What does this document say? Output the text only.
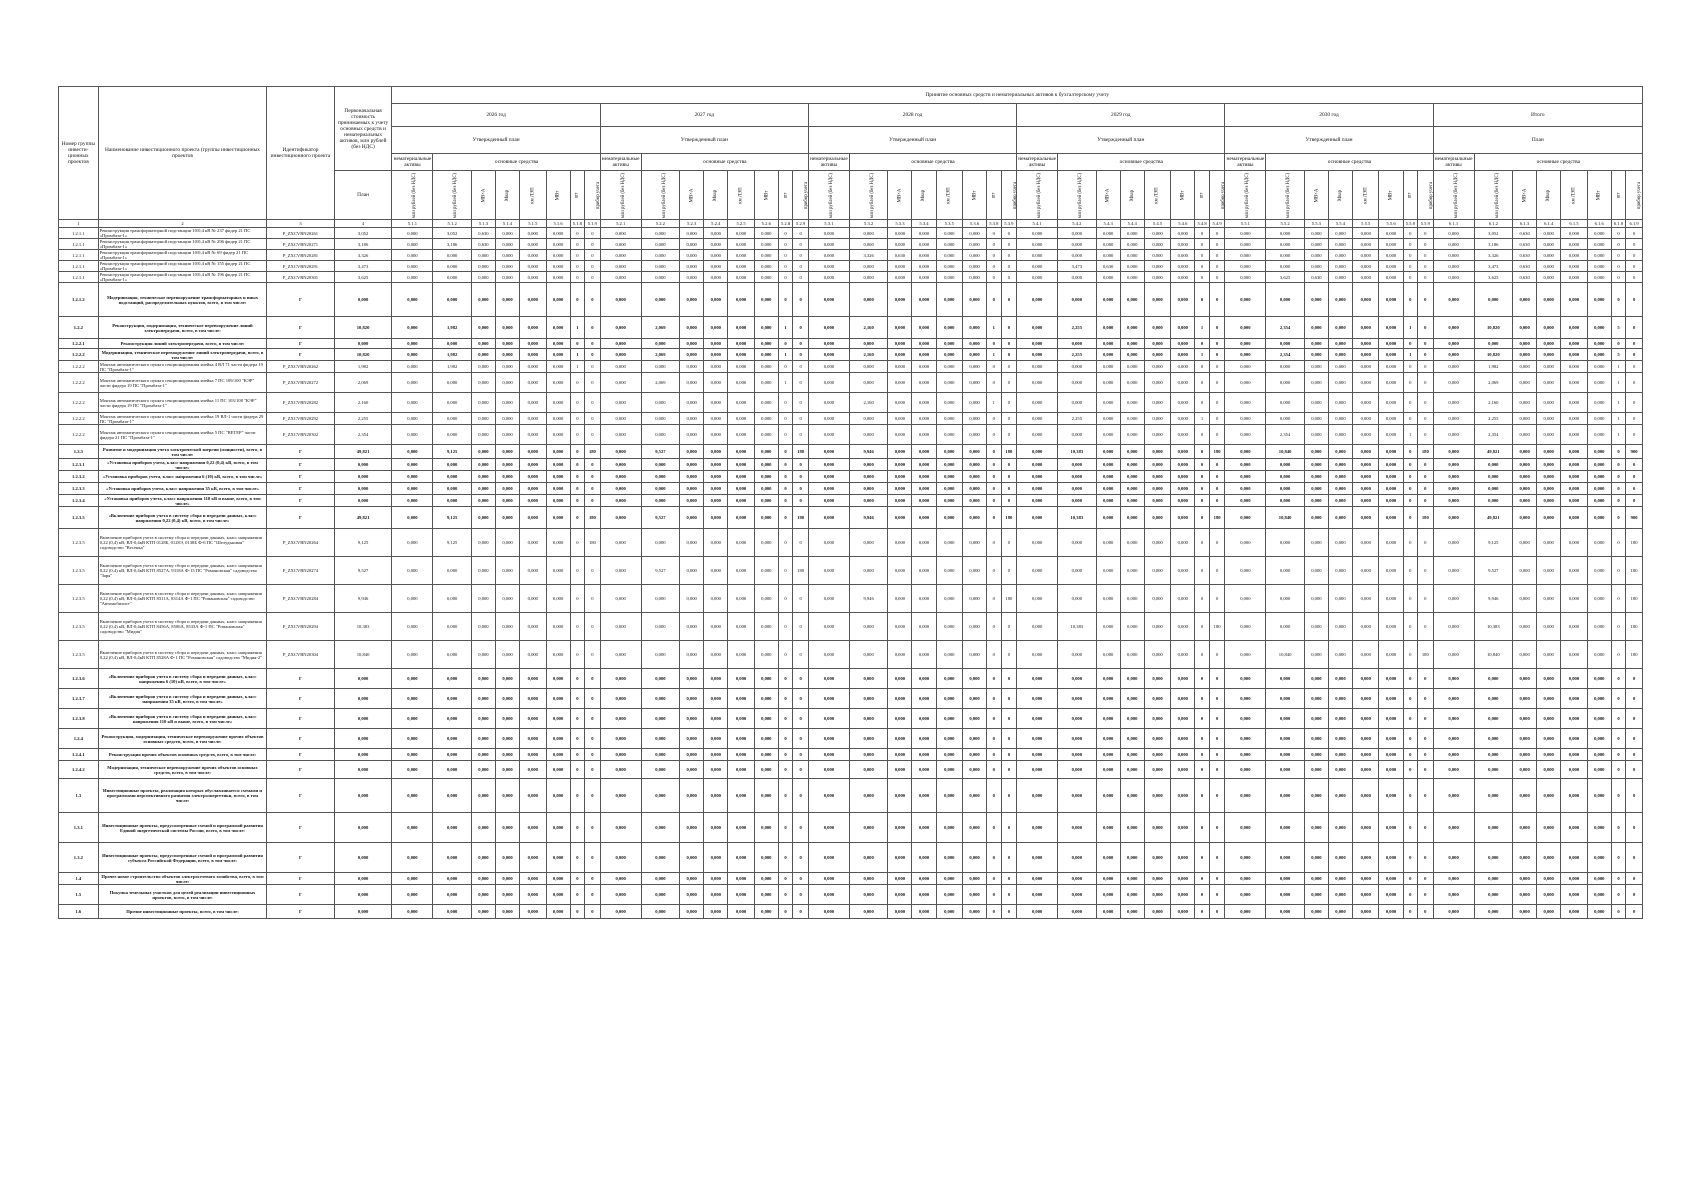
Номер группы инвести-ционных проектов	Наименование инвестиционного проекта (группы инвестиционных проектов	Идентификатор инвестиционного проекта	Первоначальная стоимость принимаемых к учету основных средств и нематериальных активов, млн рублей (без НДС)	Принятие основных средств и нематериальных активов к бухгалтерскому учету																																															
				2026 год								2027 год								2028 год								2029 год								2030 год								Итого							
				Утвержденный план								Утвержденный план								Утвержденный план								Утвержденный план								Утвержденный план								План							
				нематериальные активы	основные средства							нематериальные активы	основные средства							нематериальные активы	основные средства							нематериальные активы	основные средства							нематериальные активы	основные средства							нематериальные активы	основные средства						
			План	млн рублей (без НДС)	млн рублей (без НДС)	МВ×А	Мвар	км ЛЭП	МВт	шт	прибор учета	млн рублей (без НДС)	млн рублей (без НДС)	МВ×А	Мвар	км ЛЭП	МВт	шт	прибор учета	млн рублей (без НДС)	млн рублей (без НДС)	МВ×А	Мвар	км ЛЭП	МВт	шт	прибор учета	млн рублей (без НДС)	млн рублей (без НДС)	МВ×А	Мвар	км ЛЭП	МВт	шт	прибор учета	млн рублей (без НДС)	млн рублей (без НДС)	МВ×А	Мвар	км ЛЭП	МВт	шт	прибор учета	млн рублей (без НДС)	млн рублей (без НДС)	МВ×А	Мвар	км ЛЭП	МВт	шт	прибор учета
1	2	3	4	5.1.1	5.1.2	5.1.3	5.1.4	5.1.5	5.1.6	5.1.8	5.1.9	5.2.1	5.2.2	5.2.3	5.2.4	5.2.5	5.2.6	5.2.8	5.2.9	5.3.1	5.3.2	5.3.3	5.3.4	5.3.5	5.3.6	5.3.8	5.3.9	5.4.1	5.4.2	5.4.3	5.4.4	5.4.5	5.4.6	5.4.8	5.4.9	5.5.1	5.5.2	5.5.3	5.5.4	5.5.5	5.5.6	5.5.8	5.5.9	6.1.1	6.1.2	6.1.3	6.1.4	6.1.5	6.1.6	6.1.8	6.1.9
1.2.1.1	Реконструкция трансформаторной подстанции 10/0,4 кВ № 237 фидер 21 ПС «Промбаза-1»	P_ZXCVBN20261	3,052	0,000	3,052	0,630	0,000	0,000	0,000	0	0	0,000	0,000	0,000	0,000	0,000	0,000	0	0	0,000	0,000	0,000	0,000	0,000	0,000	0	0	0,000	0,000	0,000	0,000	0,000	0,000	0	0	0,000	0,000	0,000	0,000	0,000	0,000	0	0	0,000	3,052	0,630	0,000	0,000	0,000	0	0
1.2.1.1	Реконструкция трансформаторной подстанции 10/0,4 кВ № 296 фидер 21 ПС «Промбаза-1»	P_ZXCVBN20271	3,186	0,000	3,186	0,630	0,000	0,000	0,000	0	0	0,000	0,000	0,000	0,000	0,000	0,000	0	0	0,000	0,000	0,000	0,000	0,000	0,000	0	0	0,000	0,000	0,000	0,000	0,000	0,000	0	0	0,000	0,000	0,000	0,000	0,000	0,000	0	0	0,000	3,186	0,630	0,000	0,000	0,000	0	0
1.2.1.1	Реконструкция трансформаторной подстанции 10/0,4 кВ № 69 фидер 21 ПС «Промбаза-1»	P_ZXCVBN20281	3,326	0,000	0,000	0,000	0,000	0,000	0,000	0	0	0,000	0,000	0,000	0,000	0,000	0,000	0	0	0,000	3,326	0,630	0,000	0,000	0,000	0	0	0,000	0,000	0,000	0,000	0,000	0,000	0	0	0,000	0,000	0,000	0,000	0,000	0,000	0	0	0,000	3,326	0,630	0,000	0,000	0,000	0	0
1.2.1.1	Реконструкция трансформаторной подстанции 10/0,4 кВ № 155 фидер 21 ПС «Промбаза-1»	P_ZXCVBN20291	3,473	0,000	0,000	0,000	0,000	0,000	0,000	0	0	0,000	0,000	0,000	0,000	0,000	0,000	0	0	0,000	0,000	0,000	0,000	0,000	0,000	0	0	0,000	3,473	0,630	0,000	0,000	0,000	0	0	0,000	0,000	0,000	0,000	0,000	0,000	0	0	0,000	3,473	0,630	0,000	0,000	0,000	0	0
1.2.1.1	Реконструкция трансформаторной подстанции 10/0,4 кВ № 196 фидер 21 ПС «Промбаза-1»	P_ZXCVBN20301	3,625	0,000	0,000	0,000	0,000	0,000	0,000	0	0	0,000	0,000	0,000	0,000	0,000	0,000	0	0	0,000	0,000	0,000	0,000	0,000	0,000	0	0	0,000	0,000	0,000	0,000	0,000	0,000	0	0	0,000	3,625	0,630	0,000	0,000	0,000	0	0	0,000	3,625	0,630	0,000	0,000	0,000	0	0
1.2.1.2	Модернизация, техническое перевооружение трансформаторных и иных подстанций, распределительных пунктов, всего, в том числе:	Г	0,000	0,000	0,000	0,000	0,000	0,000	0,000	0	0	0,000	0,000	0,000	0,000	0,000	0,000	0	0	0,000	0,000	0,000	0,000	0,000	0,000	0	0	0,000	0,000	0,000	0,000	0,000	0,000	0	0	0,000	0,000	0,000	0,000	0,000	0,000	0	0	0,000	0,000	0,000	0,000	0,000	0,000	0	0
1.2.2	Реконструкция, модернизация, техническое перевооружение линий электропередачи, всего, в том числе:	Г	10,820	0,000	1,982	0,000	0,000	0,000	0,000	1	0	0,000	2,069	0,000	0,000	0,000	0,000	1	0	0,000	2,160	0,000	0,000	0,000	0,000	1	0	0,000	2,255	0,000	0,000	0,000	0,000	1	0	0,000	2,354	0,000	0,000	0,000	0,000	1	0	0,000	10,820	0,000	0,000	0,000	0,000	5	0
1.2.2.1	Реконструкция линий электропередачи, всего, в том числе:	Г	0,000	0,000	0,000	0,000	0,000	0,000	0,000	0	0	0,000	0,000	0,000	0,000	0,000	0,000	0	0	0,000	0,000	0,000	0,000	0,000	0,000	0	0	0,000	0,000	0,000	0,000	0,000	0,000	0	0	0,000	0,000	0,000	0,000	0,000	0,000	0	0	0,000	0,000	0,000	0,000	0,000	0,000	0	0
1.2.2.2	Модернизация, техническое перевооружение линий электропередачи, всего, в том числе:	Г	10,820	0,000	1,982	0,000	0,000	0,000	0,000	1	0	0,000	2,069	0,000	0,000	0,000	0,000	1	0	0,000	2,160	0,000	0,000	0,000	0,000	1	0	0,000	2,255	0,000	0,000	0,000	0,000	1	0	0,000	2,354	0,000	0,000	0,000	0,000	1	0	0,000	10,820	0,000	0,000	0,000	0,000	5	0
1.2.2.2	Монтаж автоматического пункта секционирования ячейка 4 ВЛ 71 части фидера 19 ПС "Промбаза-1"	P_ZXCVBN20262	1,982	0,000	1,982	0,000	0,000	0,000	0,000	1	0	0,000	0,000	0,000	0,000	0,000	0,000	0	0	0,000	0,000	0,000	0,000	0,000	0,000	0	0	0,000	0,000	0,000	0,000	0,000	0,000	0	0	0,000	0,000	0,000	0,000	0,000	0,000	0	0	0,000	1,982	0,000	0,000	0,000	0,000	1	0
1.2.2.2	Монтаж автоматического пункта секционирования ячейка 7 ПС 109/100 "КЭР" части фидера 19 ПС "Промбаза-1"	P_ZXCVBN20272	2,069	0,000	0,000	0,000	0,000	0,000	0,000	0	0	0,000	2,069	0,000	0,000	0,000	0,000	1	0	0,000	0,000	0,000	0,000	0,000	0,000	0	0	0,000	0,000	0,000	0,000	0,000	0,000	0	0	0,000	0,000	0,000	0,000	0,000	0,000	0	0	0,000	2,069	0,000	0,000	0,000	0,000	1	0
1.2.2.2	Монтаж автоматического пункта секционирования ячейка 11 ПС 103/108 "КЭР" части фидера 19 ПС "Промбаза-1"	P_ZXCVBN20282	2,160	0,000	0,000	0,000	0,000	0,000	0,000	0	0	0,000	0,000	0,000	0,000	0,000	0,000	0	0	0,000	2,160	0,000	0,000	0,000	0,000	1	0	0,000	0,000	0,000	0,000	0,000	0,000	0	0	0,000	0,000	0,000	0,000	0,000	0,000	0	0	0,000	2,160	0,000	0,000	0,000	0,000	1	0
1.2.2.2	Монтаж автоматического пункта секционирования ячейка 19 ВЛ-1 части фидера 29 ПС "Промбаза-1"	P_ZXCVBN20292	2,255	0,000	0,000	0,000	0,000	0,000	0,000	0	0	0,000	0,000	0,000	0,000	0,000	0,000	0	0	0,000	0,000	0,000	0,000	0,000	0,000	0	0	0,000	2,255	0,000	0,000	0,000	0,000	1	0	0,000	0,000	0,000	0,000	0,000	0,000	0	0	0,000	2,255	0,000	0,000	0,000	0,000	1	0
1.2.2.2	Монтаж автоматического пункта секционирования ячейка 5 ПС "ВЕТЕР" части фидера 21 ПС "Промбаза-1"	P_ZXCVBN20302	2,354	0,000	0,000	0,000	0,000	0,000	0,000	0	0	0,000	0,000	0,000	0,000	0,000	0,000	0	0	0,000	0,000	0,000	0,000	0,000	0,000	0	0	0,000	0,000	0,000	0,000	0,000	0,000	0	0	0,000	2,354	0,000	0,000	0,000	0,000	1	0	0,000	2,354	0,000	0,000	0,000	0,000	1	0
1.2.3	Развитие и модернизация учета электрической энергии (мощности), всего, в том числе:	Г	49,821	0,000	9,125	0,000	0,000	0,000	0,000	0	180	0,000	9,527	0,000	0,000	0,000	0,000	0	180	0,000	9,946	0,000	0,000	0,000	0,000	0	180	0,000	10,383	0,000	0,000	0,000	0,000	0	180	0,000	10,840	0,000	0,000	0,000	0,000	0	180	0,000	49,821	0,000	0,000	0,000	0,000	0	900
1.2.3.1	«Установка приборов учета, класс напряжения 0,22 (0,4) кВ, всего, в том числе»	Г	0,000	0,000	0,000	0,000	0,000	0,000	0,000	0	0	0,000	0,000	0,000	0,000	0,000	0,000	0	0	0,000	0,000	0,000	0,000	0,000	0,000	0	0	0,000	0,000	0,000	0,000	0,000	0,000	0	0	0,000	0,000	0,000	0,000	0,000	0,000	0	0	0,000	0,000	0,000	0,000	0,000	0,000	0	0
1.2.3.2	«Установка приборов учета, класс напряжения 6 (10) кВ, всего, в том числе»	Г	0,000	0,000	0,000	0,000	0,000	0,000	0,000	0	0	0,000	0,000	0,000	0,000	0,000	0,000	0	0	0,000	0,000	0,000	0,000	0,000	0,000	0	0	0,000	0,000	0,000	0,000	0,000	0,000	0	0	0,000	0,000	0,000	0,000	0,000	0,000	0	0	0,000	0,000	0,000	0,000	0,000	0,000	0	0
1.2.3.3	«Установка приборов учета, класс напряжения 35 кВ, всего, в том числе»	Г	0,000	0,000	0,000	0,000	0,000	0,000	0,000	0	0	0,000	0,000	0,000	0,000	0,000	0,000	0	0	0,000	0,000	0,000	0,000	0,000	0,000	0	0	0,000	0,000	0,000	0,000	0,000	0,000	0	0	0,000	0,000	0,000	0,000	0,000	0,000	0	0	0,000	0,000	0,000	0,000	0,000	0,000	0	0
1.2.3.4	«Установка приборов учета, класс напряжения 110 кВ и выше, всего, в том числе»	Г	0,000	0,000	0,000	0,000	0,000	0,000	0,000	0	0	0,000	0,000	0,000	0,000	0,000	0,000	0	0	0,000	0,000	0,000	0,000	0,000	0,000	0	0	0,000	0,000	0,000	0,000	0,000	0,000	0	0	0,000	0,000	0,000	0,000	0,000	0,000	0	0	0,000	0,000	0,000	0,000	0,000	0,000	0	0
1.2.3.5	«Включение приборов учета в систему сбора и передачи данных, класс напряжения 0,22 (0,4) кВ, всего, в том числе»	Г	49,821	0,000	9,125	0,000	0,000	0,000	0,000	0	180	0,000	9,527	0,000	0,000	0,000	0,000	0	180	0,000	9,946	0,000	0,000	0,000	0,000	0	180	0,000	10,383	0,000	0,000	0,000	0,000	0	180	0,000	10,840	0,000	0,000	0,000	0,000	0	180	0,000	49,821	0,000	0,000	0,000	0,000	0	900
1.2.3.5	Включение приборов учета в систему сбора и передачи данных, класс напряжения 0,22 (0,4) кВ, ВЛ-0,4кВ КТП 0128Б, 0128Э, 0138Б Ф-6 ПС "Шелудьковая" садоводство "Весенка"	P_ZXCVBN20264	9,125	0,000	9,125	0,000	0,000	0,000	0,000	0	180	0,000	0,000	0,000	0,000	0,000	0,000	0	0	0,000	0,000	0,000	0,000	0,000	0,000	0	0	0,000	0,000	0,000	0,000	0,000	0,000	0	0	0,000	0,000	0,000	0,000	0,000	0,000	0	0	0,000	9,125	0,000	0,000	0,000	0,000	0	180
1.2.3.5	Включение приборов учета в систему сбора и передачи данных, класс напряжения 0,22 (0,4) кВ, ВЛ-0,4кВ КТП 8527А, 9318А Ф-15 ПС "Романовская" садоводство "Заря"	P_ZXCVBN20274	9,527	0,000	0,000	0,000	0,000	0,000	0,000	0	0	0,000	9,527	0,000	0,000	0,000	0,000	0	180	0,000	0,000	0,000	0,000	0,000	0,000	0	0	0,000	0,000	0,000	0,000	0,000	0,000	0	0	0,000	0,000	0,000	0,000	0,000	0,000	0	0	0,000	9,527	0,000	0,000	0,000	0,000	0	180
1.2.3.5	Включение приборов учета в систему сбора и передачи данных, класс напряжения 0,22 (0,4) кВ, ВЛ-0,4кВ КТП 8311А, 8314А Ф-1 ПС "Романовская" садоводство "Автомобилист"	P_ZXCVBN20284	9,946	0,000	0,000	0,000	0,000	0,000	0,000	0	0	0,000	0,000	0,000	0,000	0,000	0,000	0	0	0,000	9,946	0,000	0,000	0,000	0,000	0	180	0,000	0,000	0,000	0,000	0,000	0,000	0	0	0,000	0,000	0,000	0,000	0,000	0,000	0	0	0,000	9,946	0,000	0,000	0,000	0,000	0	180
1.2.3.5	Включение приборов учета в систему сбора и передачи данных, класс напряжения 0,22 (0,4) кВ, ВЛ-0,4кВ КТП 8456А, 8506А, 8533А Ф-1 ПС "Романовская" садоводство "Мидия"	P_ZXCVBN20294	10,383	0,000	0,000	0,000	0,000	0,000	0,000	0	0	0,000	0,000	0,000	0,000	0,000	0,000	0	0	0,000	0,000	0,000	0,000	0,000	0,000	0	0	0,000	10,383	0,000	0,000	0,000	0,000	0	180	0,000	0,000	0,000	0,000	0,000	0,000	0	0	0,000	10,383	0,000	0,000	0,000	0,000	0	180
1.2.3.5	Включение приборов учета в систему сбора и передачи данных, класс напряжения 0,22 (0,4) кВ, ВЛ-0,4кВ КТП 8528А Ф-1 ПС "Романовская" садоводство "Мидия-2"	P_ZXCVBN20304	10,840	0,000	0,000	0,000	0,000	0,000	0,000	0	0	0,000	0,000	0,000	0,000	0,000	0,000	0	0	0,000	0,000	0,000	0,000	0,000	0,000	0	0	0,000	0,000	0,000	0,000	0,000	0,000	0	0	0,000	10,840	0,000	0,000	0,000	0,000	0	180	0,000	10,840	0,000	0,000	0,000	0,000	0	180
1.2.3.6	«Включение приборов учета в систему сбора и передачи данных, класс напряжения 6 (10) кВ, всего, в том числе»	Г	0,000	0,000	0,000	0,000	0,000	0,000	0,000	0	0	0,000	0,000	0,000	0,000	0,000	0,000	0	0	0,000	0,000	0,000	0,000	0,000	0,000	0	0	0,000	0,000	0,000	0,000	0,000	0,000	0	0	0,000	0,000	0,000	0,000	0,000	0,000	0	0	0,000	0,000	0,000	0,000	0,000	0,000	0	0
1.2.3.7	«Включение приборов учета в систему сбора и передачи данных, класс напряжения 35 кВ, всего, в том числе»	Г	0,000	0,000	0,000	0,000	0,000	0,000	0,000	0	0	0,000	0,000	0,000	0,000	0,000	0,000	0	0	0,000	0,000	0,000	0,000	0,000	0,000	0	0	0,000	0,000	0,000	0,000	0,000	0,000	0	0	0,000	0,000	0,000	0,000	0,000	0,000	0	0	0,000	0,000	0,000	0,000	0,000	0,000	0	0
1.2.3.8	«Включение приборов учета в систему сбора и передачи данных, класс напряжения 110 кВ и выше, всего, в том числе»	Г	0,000	0,000	0,000	0,000	0,000	0,000	0,000	0	0	0,000	0,000	0,000	0,000	0,000	0,000	0	0	0,000	0,000	0,000	0,000	0,000	0,000	0	0	0,000	0,000	0,000	0,000	0,000	0,000	0	0	0,000	0,000	0,000	0,000	0,000	0,000	0	0	0,000	0,000	0,000	0,000	0,000	0,000	0	0
1.2.4	Реконструкция, модернизация, техническое перевооружение прочих объектов основных средств, всего, в том числе:	Г	0,000	0,000	0,000	0,000	0,000	0,000	0,000	0	0	0,000	0,000	0,000	0,000	0,000	0,000	0	0	0,000	0,000	0,000	0,000	0,000	0,000	0	0	0,000	0,000	0,000	0,000	0,000	0,000	0	0	0,000	0,000	0,000	0,000	0,000	0,000	0	0	0,000	0,000	0,000	0,000	0,000	0,000	0	0
1.2.4.1	Реконструкция прочих объектов основных средств, всего, в том числе:	Г	0,000	0,000	0,000	0,000	0,000	0,000	0,000	0	0	0,000	0,000	0,000	0,000	0,000	0,000	0	0	0,000	0,000	0,000	0,000	0,000	0,000	0	0	0,000	0,000	0,000	0,000	0,000	0,000	0	0	0,000	0,000	0,000	0,000	0,000	0,000	0	0	0,000	0,000	0,000	0,000	0,000	0,000	0	0
1.2.4.2	Модернизация, техническое перевооружение прочих объектов основных средств, всего, в том числе:	Г	0,000	0,000	0,000	0,000	0,000	0,000	0,000	0	0	0,000	0,000	0,000	0,000	0,000	0,000	0	0	0,000	0,000	0,000	0,000	0,000	0,000	0	0	0,000	0,000	0,000	0,000	0,000	0,000	0	0	0,000	0,000	0,000	0,000	0,000	0,000	0	0	0,000	0,000	0,000	0,000	0,000	0,000	0	0
1.3	Инвестиционные проекты, реализация которых обуславливается схемами и программами перспективного развития электроэнергетики, всего, в том числе:	Г	0,000	0,000	0,000	0,000	0,000	0,000	0,000	0	0	0,000	0,000	0,000	0,000	0,000	0,000	0	0	0,000	0,000	0,000	0,000	0,000	0,000	0	0	0,000	0,000	0,000	0,000	0,000	0,000	0	0	0,000	0,000	0,000	0,000	0,000	0,000	0	0	0,000	0,000	0,000	0,000	0,000	0,000	0	0
1.3.1	Инвестиционные проекты, предусмотренные схемой и программой развития Единой энергетической системы России, всего, в том числе:	Г	0,000	0,000	0,000	0,000	0,000	0,000	0,000	0	0	0,000	0,000	0,000	0,000	0,000	0,000	0	0	0,000	0,000	0,000	0,000	0,000	0,000	0	0	0,000	0,000	0,000	0,000	0,000	0,000	0	0	0,000	0,000	0,000	0,000	0,000	0,000	0	0	0,000	0,000	0,000	0,000	0,000	0,000	0	0
1.3.2	Инвестиционные проекты, предусмотренные схемой и программой развития субъекта Российской Федерации, всего, в том числе:	Г	0,000	0,000	0,000	0,000	0,000	0,000	0,000	0	0	0,000	0,000	0,000	0,000	0,000	0,000	0	0	0,000	0,000	0,000	0,000	0,000	0,000	0	0	0,000	0,000	0,000	0,000	0,000	0,000	0	0	0,000	0,000	0,000	0,000	0,000	0,000	0	0	0,000	0,000	0,000	0,000	0,000	0,000	0	0
1.4	Прочее новое строительство объектов электросетевого хозяйства, всего, в том числе:	Г	0,000	0,000	0,000	0,000	0,000	0,000	0,000	0	0	0,000	0,000	0,000	0,000	0,000	0,000	0	0	0,000	0,000	0,000	0,000	0,000	0,000	0	0	0,000	0,000	0,000	0,000	0,000	0,000	0	0	0,000	0,000	0,000	0,000	0,000	0,000	0	0	0,000	0,000	0,000	0,000	0,000	0,000	0	0
1.5	Покупка земельных участков для целей реализации инвестиционных проектов, всего, в том числе:	Г	0,000	0,000	0,000	0,000	0,000	0,000	0,000	0	0	0,000	0,000	0,000	0,000	0,000	0,000	0	0	0,000	0,000	0,000	0,000	0,000	0,000	0	0	0,000	0,000	0,000	0,000	0,000	0,000	0	0	0,000	0,000	0,000	0,000	0,000	0,000	0	0	0,000	0,000	0,000	0,000	0,000	0,000	0	0
1.6	Прочие инвестиционные проекты, всего, в том числе:	Г	0,000	0,000	0,000	0,000	0,000	0,000	0,000	0	0	0,000	0,000	0,000	0,000	0,000	0,000	0	0	0,000	0,000	0,000	0,000	0,000	0,000	0	0	0,000	0,000	0,000	0,000	0,000	0,000	0	0	0,000	0,000	0,000	0,000	0,000	0,000	0	0	0,000	0,000	0,000	0,000	0,000	0,000	0	0
